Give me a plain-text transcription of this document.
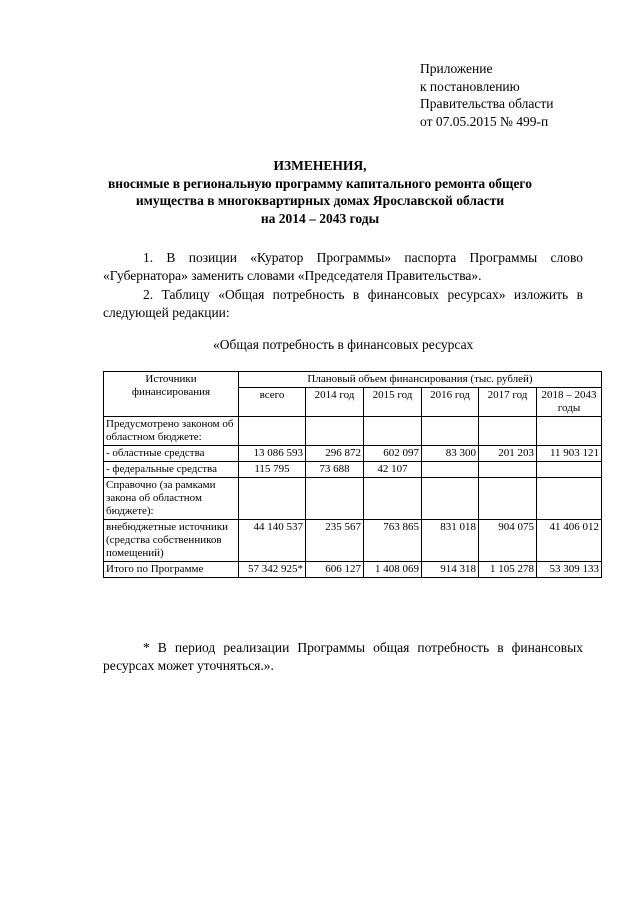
Приложение
к постановлению
Правительства области
от 07.05.2015 № 499-п
ИЗМЕНЕНИЯ,
вносимые в региональную программу капитального ремонта общего
имущества в многоквартирных домах Ярославской области
на 2014 – 2043 годы
1. В позиции «Куратор Программы» паспорта Программы слово «Губернатора» заменить словами «Председателя Правительства».
2. Таблицу «Общая потребность в финансовых ресурсах» изложить в следующей редакции:
«Общая потребность в финансовых ресурсах
Источники финансирования	Плановый объем финансирования (тыс. рублей)					
	всего	2014 год	2015 год	2016 год	2017 год	2018 – 2043 годы
Предусмотрено законом об областном бюджете:						
- областные средства	13 086 593	296 872	602 097	83 300	201 203	11 903 121
- федеральные средства	115 795	73 688	42 107			
Справочно (за рамками закона об областном бюджете):						
внебюджетные источники (средства собственников помещений)	44 140 537	235 567	763 865	831 018	904 075	41 406 012
Итого по Программе	57 342 925*	606 127	1 408 069	914 318	1 105 278	53 309 133
* В период реализации Программы общая потребность в финансовых ресурсах может уточняться.».
